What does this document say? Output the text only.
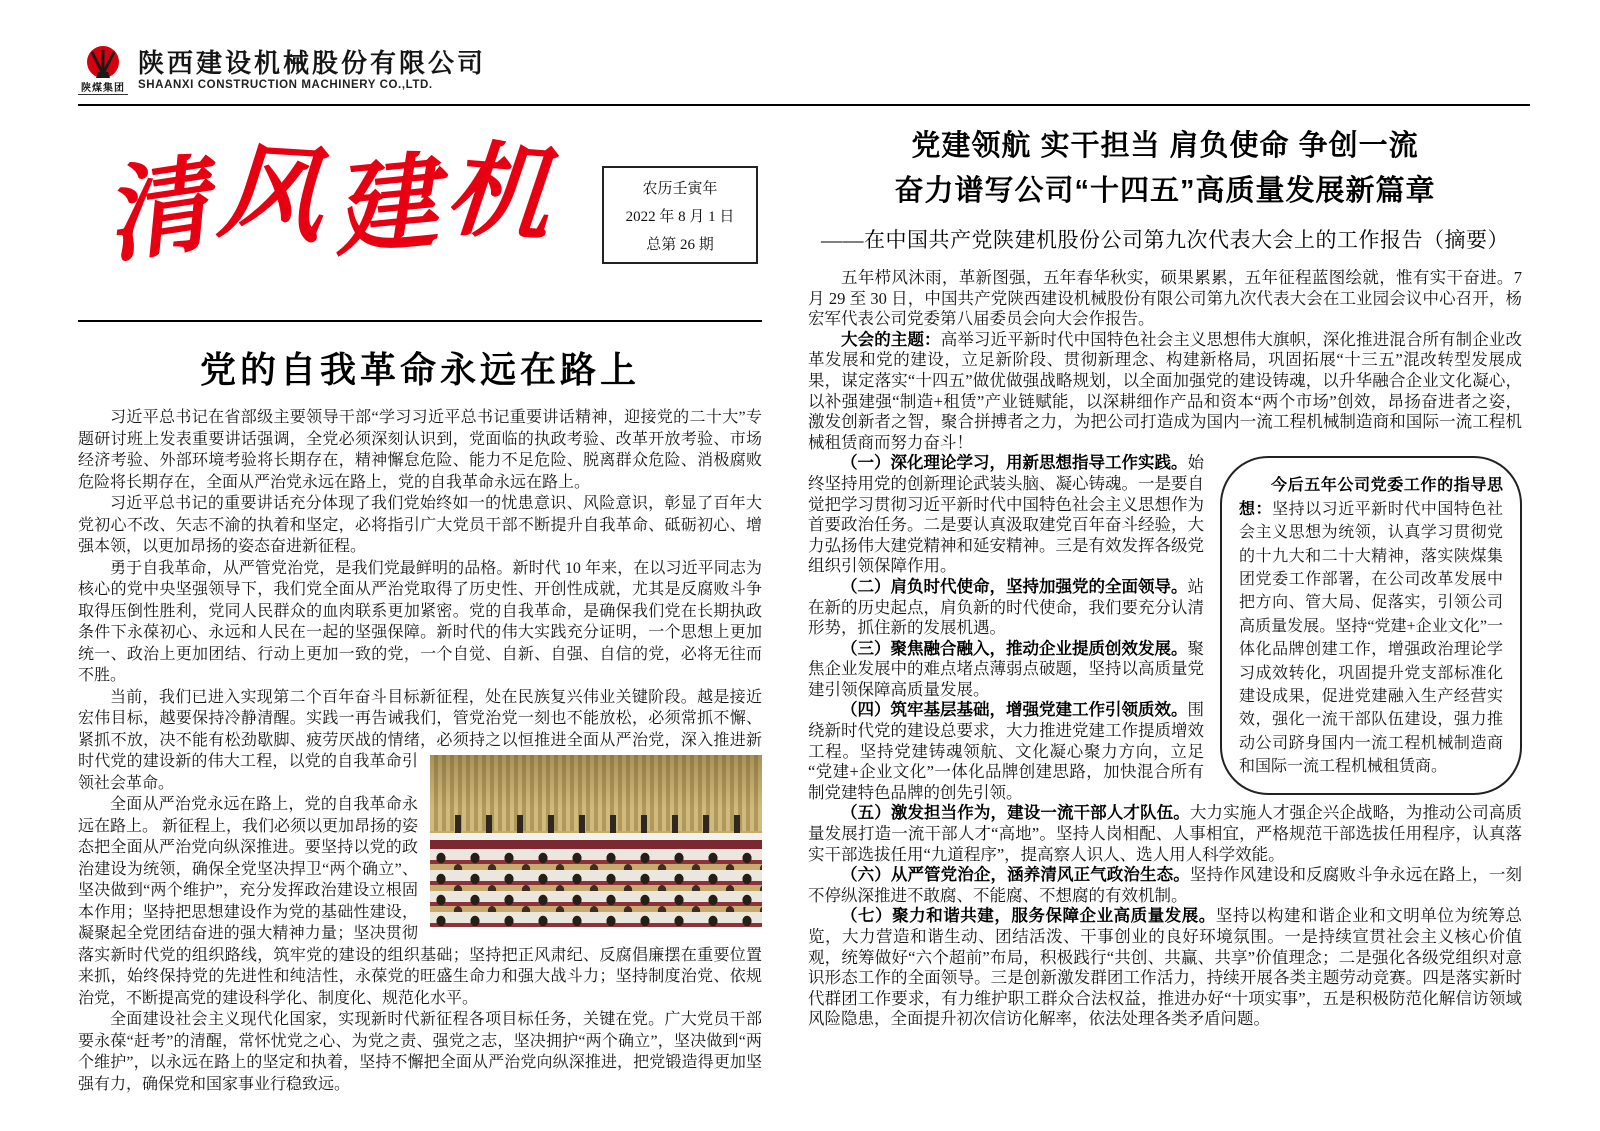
陕煤集团
陕西建设机械股份有限公司
SHAANXI CONSTRUCTION MACHINERY CO.,LTD.
清风建机	农历壬寅年
2022 年 8 月 1 日
总第 26 期
党的自我革命永远在路上

习近平总书记在省部级主要领导干部“学习习近平总书记重要讲话精神，迎接党的二十大”专题研讨班上发表重要讲话强调，全党必须深刻认识到，党面临的执政考验、改革开放考验、市场经济考验、外部环境考验将长期存在，精神懈怠危险、能力不足危险、脱离群众危险、消极腐败危险将长期存在，全面从严治党永远在路上，党的自我革命永远在路上。

习近平总书记的重要讲话充分体现了我们党始终如一的忧患意识、风险意识，彰显了百年大党初心不改、矢志不渝的执着和坚定，必将指引广大党员干部不断提升自我革命、砥砺初心、增强本领，以更加昂扬的姿态奋进新征程。

勇于自我革命，从严管党治党，是我们党最鲜明的品格。新时代 10 年来，在以习近平同志为核心的党中央坚强领导下，我们党全面从严治党取得了历史性、开创性成就，尤其是反腐败斗争取得压倒性胜利，党同人民群众的血肉联系更加紧密。党的自我革命，是确保我们党在长期执政条件下永葆初心、永远和人民在一起的坚强保障。新时代的伟大实践充分证明，一个思想上更加统一、政治上更加团结、行动上更加一致的党，一个自觉、自新、自强、自信的党，必将无往而不胜。

当前，我们已进入实现第二个百年奋斗目标新征程，处在民族复兴伟业关键阶段。越是接近宏伟目标，越要保持冷静清醒。实践一再告诫我们，管党治党一刻也不能放松，必须常抓不懈、紧抓不放，决不能有松劲歇脚、疲劳厌战的情绪，必须持之以恒推进全面从严治党，深入推进新
时代党的建设新的伟大工程，以党的自我革命引领社会革命。

全面从严治党永远在路上，党的自我革命永远在路上。 新征程上，我们必须以更加昂扬的姿态把全面从严治党向纵深推进。要坚持以党的政治建设为统领，确保全党坚决捍卫“两个确立”、坚决做到“两个维护”，充分发挥政治建设立根固本作用；坚持把思想建设作为党的基础性建设，凝聚起全党团结奋进的强大精神力量；坚决贯彻落实新时代党的组织路线，筑牢党的建设的组织基础；坚持把正风肃纪、反腐倡廉摆在重要位置来抓，始终保持党的先进性和纯洁性，永葆党的旺盛生命力和强大战斗力；坚持制度治党、依规治党，不断提高党的建设科学化、制度化、规范化水平。

全面建设社会主义现代化国家，实现新时代新征程各项目标任务，关键在党。广大党员干部要永葆“赶考”的清醒，常怀忧党之心、为党之责、强党之志，坚决拥护“两个确立”，坚决做到“两个维护”，以永远在路上的坚定和执着，坚持不懈把全面从严治党向纵深推进，把党锻造得更加坚强有力，确保党和国家事业行稳致远。

党建领航 实干担当 肩负使命 争创一流
奋力谱写公司“十四五”高质量发展新篇章
——在中国共产党陕建机股份公司第九次代表大会上的工作报告（摘要）

五年栉风沐雨，革新图强，五年春华秋实，硕果累累，五年征程蓝图绘就，惟有实干奋进。7 月 29 至 30 日，中国共产党陕西建设机械股份有限公司第九次代表大会在工业园会议中心召开，杨宏军代表公司党委第八届委员会向大会作报告。

大会的主题：高举习近平新时代中国特色社会主义思想伟大旗帜，深化推进混合所有制企业改革发展和党的建设，立足新阶段、贯彻新理念、构建新格局，巩固拓展“十三五”混改转型发展成果，谋定落实“十四五”做优做强战略规划，以全面加强党的建设铸魂，以升华融合企业文化凝心，以补强建强“制造+租赁”产业链赋能，以深耕细作产品和资本“两个市场”创效，昂扬奋进者之姿，激发创新者之智，聚合拼搏者之力，为把公司打造成为国内一流工程机械制造商和国际一流工程机械租赁商而努力奋斗！

今后五年公司党委工作的指导思想：坚持以习近平新时代中国特色社会主义思想为统领，认真学习贯彻党的十九大和二十大精神，落实陕煤集团党委工作部署，在公司改革发展中把方向、管大局、促落实，引领公司高质量发展。坚持“党建+企业文化”一体化品牌创建工作，增强政治理论学习成效转化，巩固提升党支部标准化建设成果，促进党建融入生产经营实效，强化一流干部队伍建设，强力推动公司跻身国内一流工程机械制造商和国际一流工程机械租赁商。

（一）深化理论学习，用新思想指导工作实践。始终坚持用党的创新理论武装头脑、凝心铸魂。一是要自觉把学习贯彻习近平新时代中国特色社会主义思想作为首要政治任务。二是要认真汲取建党百年奋斗经验，大力弘扬伟大建党精神和延安精神。三是有效发挥各级党组织引领保障作用。

（二）肩负时代使命，坚持加强党的全面领导。站在新的历史起点，肩负新的时代使命，我们要充分认清形势，抓住新的发展机遇。

（三）聚焦融合融入，推动企业提质创效发展。聚焦企业发展中的难点堵点薄弱点破题，坚持以高质量党建引领保障高质量发展。

（四）筑牢基层基础，增强党建工作引领质效。围绕新时代党的建设总要求，大力推进党建工作提质增效工程。坚持党建铸魂领航、文化凝心聚力方向，立足“党建+企业文化”一体化品牌创建思路，加快混合所有制党建特色品牌的创先引领。

（五）激发担当作为，建设一流干部人才队伍。大力实施人才强企兴企战略，为推动公司高质量发展打造一流干部人才“高地”。坚持人岗相配、人事相宜，严格规范干部选拔任用程序，认真落实干部选拔任用“九道程序”，提高察人识人、选人用人科学效能。

（六）从严管党治企，涵养清风正气政治生态。坚持作风建设和反腐败斗争永远在路上，一刻不停纵深推进不敢腐、不能腐、不想腐的有效机制。

（七）聚力和谐共建，服务保障企业高质量发展。坚持以构建和谐企业和文明单位为统筹总览，大力营造和谐生动、团结活泼、干事创业的良好环境氛围。一是持续宣贯社会主义核心价值观，统筹做好“六个超前”布局，积极践行“共创、共赢、共享”价值理念；二是强化各级党组织对意识形态工作的全面领导。三是创新激发群团工作活力，持续开展各类主题劳动竞赛。四是落实新时代群团工作要求，有力维护职工群众合法权益，推进办好“十项实事”，五是积极防范化解信访领域风险隐患，全面提升初次信访化解率，依法处理各类矛盾问题。
